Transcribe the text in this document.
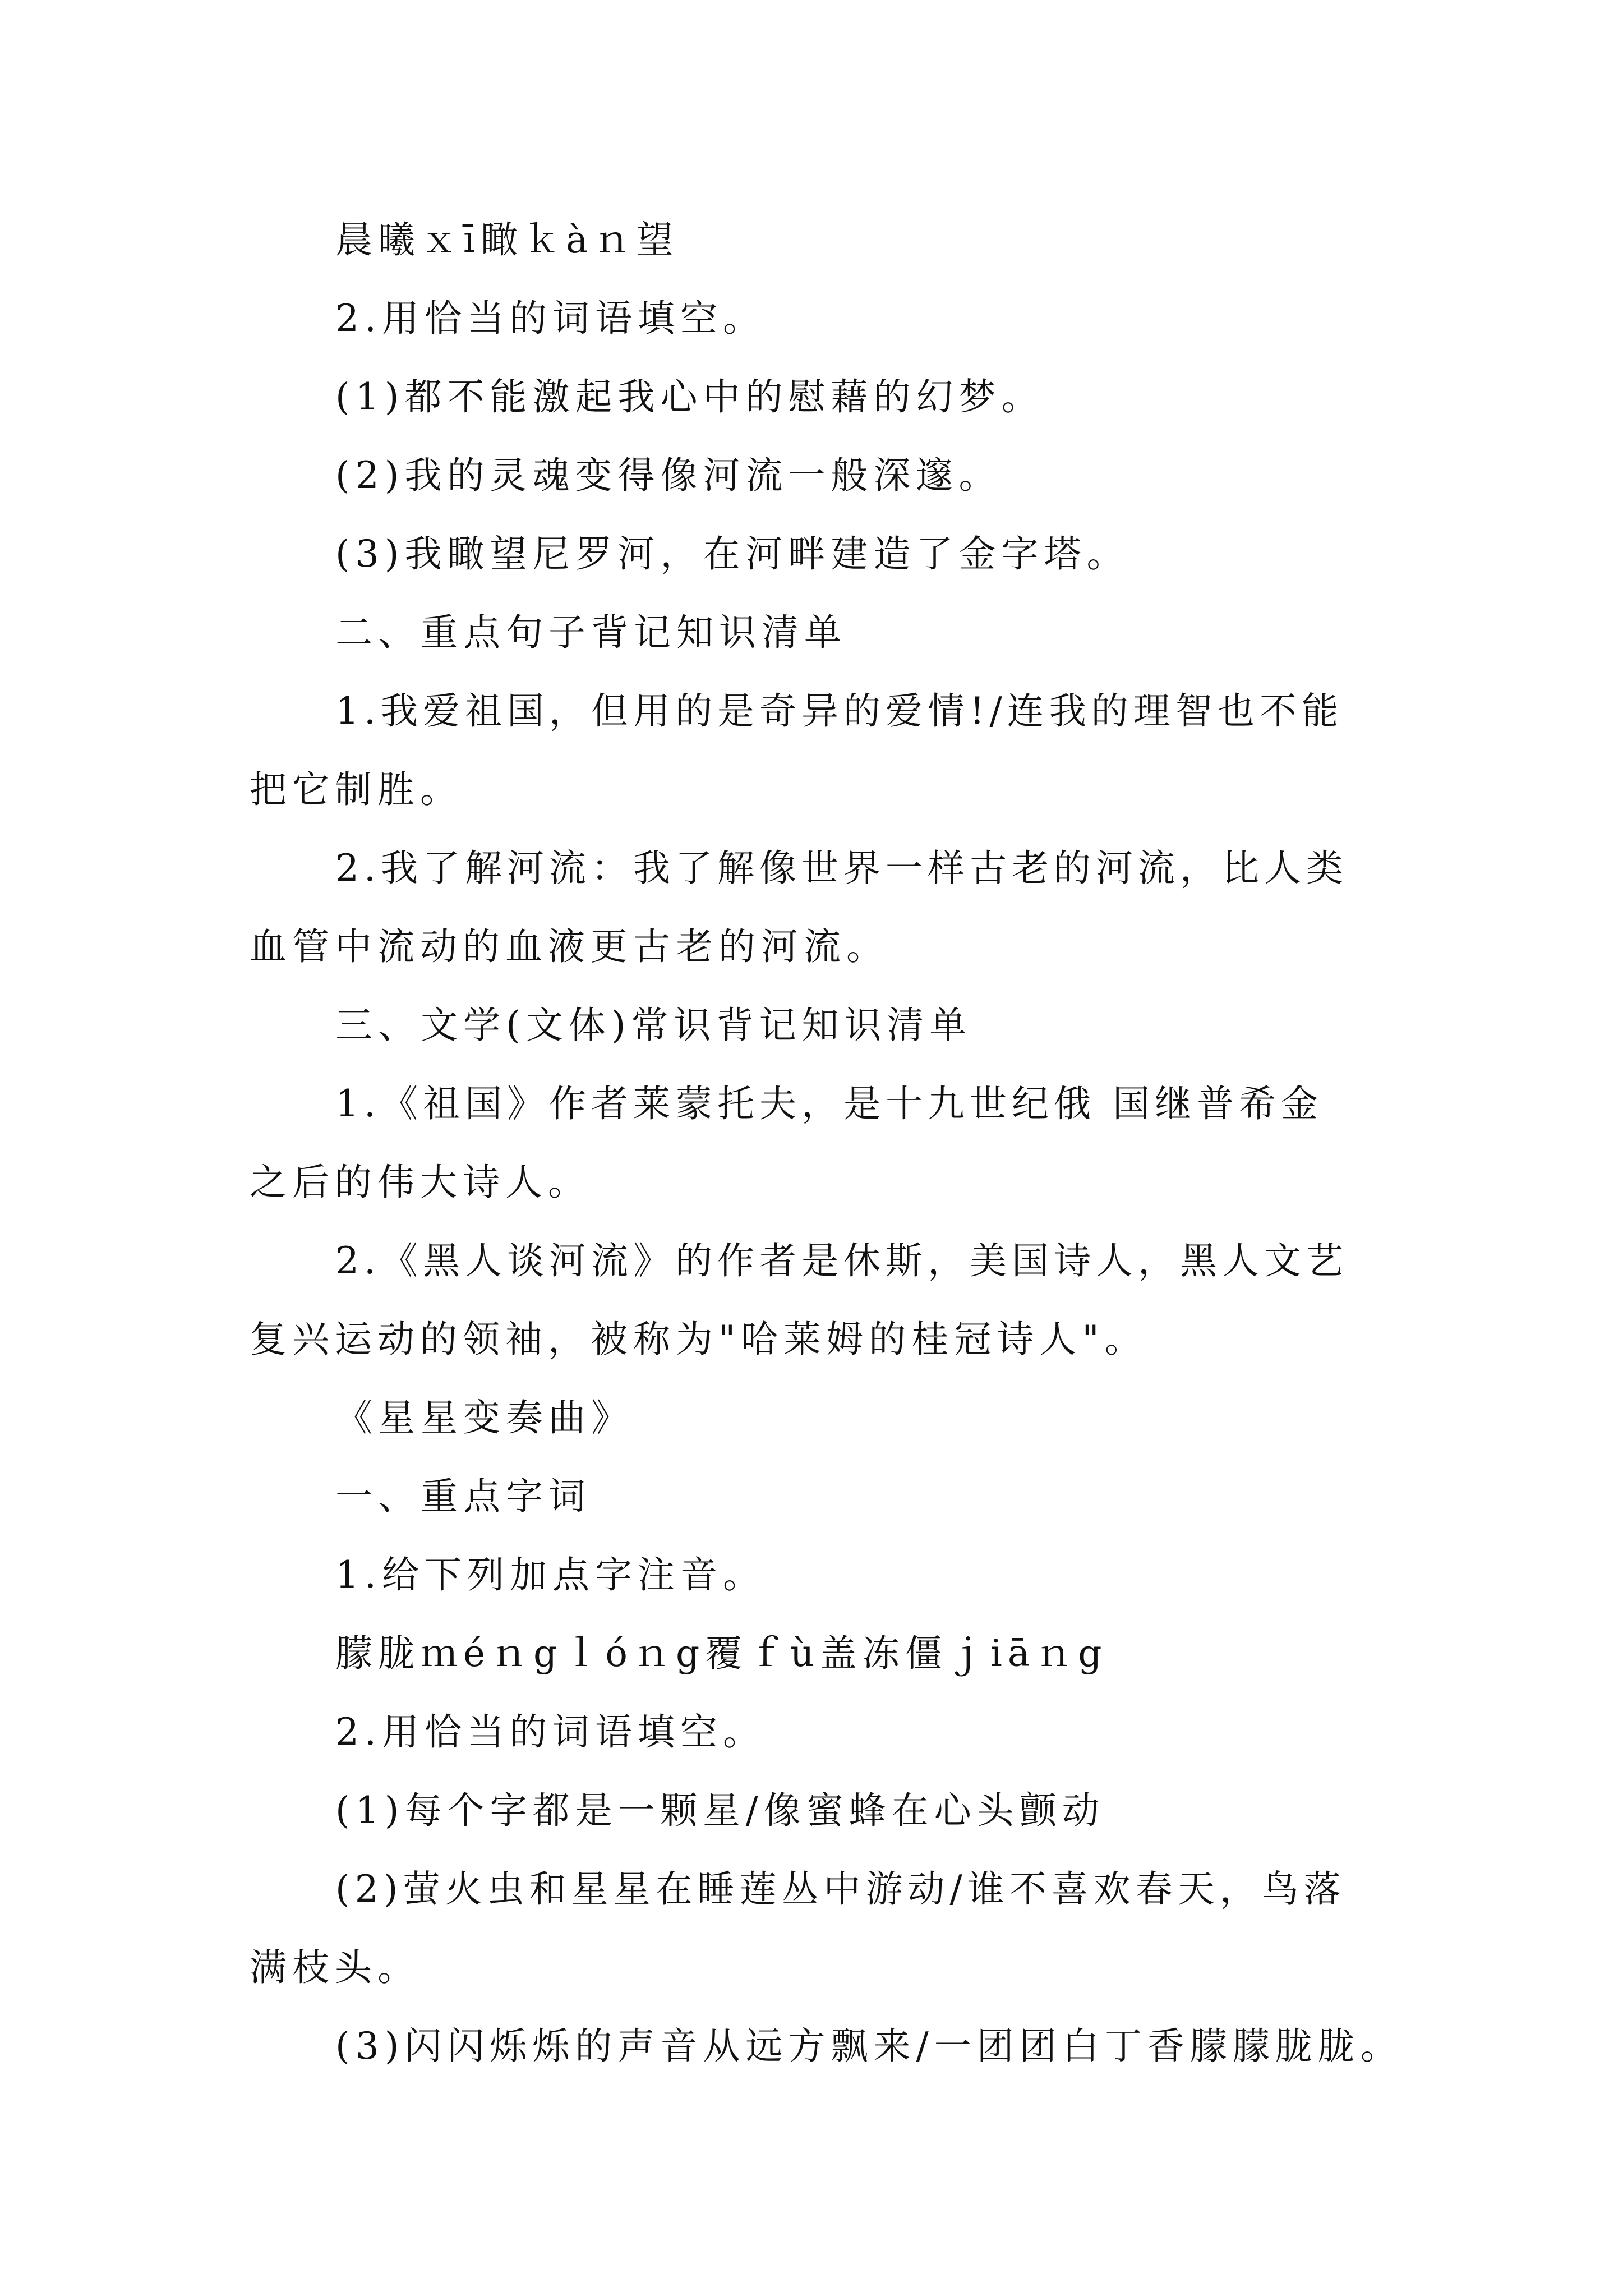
晨曦ｘī瞰ｋàｎ望
2.用恰当的词语填空。
(1)都不能激起我心中的慰藉的幻梦。
(2)我的灵魂变得像河流一般深邃。
(3)我瞰望尼罗河，在河畔建造了金字塔。
二、重点句子背记知识清单
1.我爱祖国，但用的是奇异的爱情!/连我的理智也不能
把它制胜。
2.我了解河流：我了解像世界一样古老的河流，比人类
血管中流动的血液更古老的河流。
三、文学(文体)常识背记知识清单
1.《祖国》作者莱蒙托夫，是十九世纪俄 国继普希金
之后的伟大诗人。
2.《黑人谈河流》的作者是休斯，美国诗人，黑人文艺
复兴运动的领袖，被称为"哈莱姆的桂冠诗人"。
《星星变奏曲》
一、重点字词
1.给下列加点字注音。
朦胧ｍéｎgｌóｎg覆ｆù盖冻僵ｊiāｎg
2.用恰当的词语填空。
(1)每个字都是一颗星/像蜜蜂在心头颤动
(2)萤火虫和星星在睡莲丛中游动/谁不喜欢春天，鸟落
满枝头。
(3)闪闪烁烁的声音从远方飘来/一团团白丁香朦朦胧胧。
